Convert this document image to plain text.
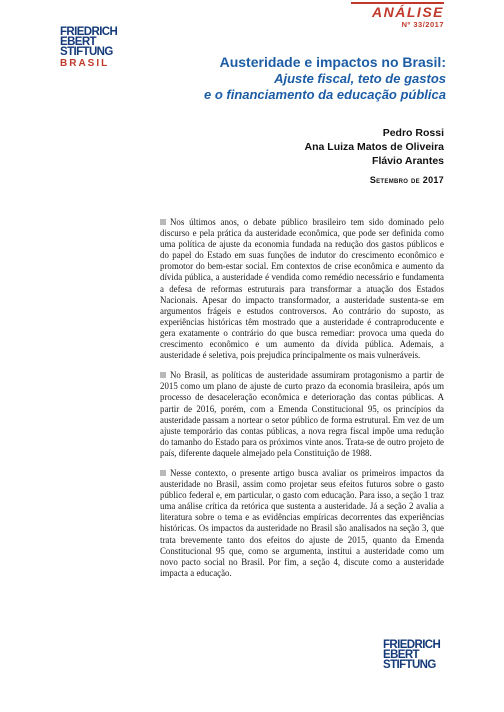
FRIEDRICH
EBERT
STIFTUNG
BRASIL
ANÁLISE
Nº 33/2017
Austeridade e impactos no Brasil:
Ajuste fiscal, teto de gastos
e o financiamento da educação pública
Pedro Rossi
Ana Luiza Matos de Oliveira
Flávio Arantes
Setembro de 2017

Nos últimos anos, o debate público brasileiro tem sido dominado pelo discurso e pela prática da austeridade econômica, que pode ser definida como uma política de ajuste da economia fundada na redução dos gastos públicos e do papel do Estado em suas funções de indutor do crescimento econômico e promotor do bem-estar social. Em contextos de crise econômica e aumento da dívida pública, a austeridade é vendida como remédio necessário e fundamenta a defesa de reformas estruturais para transformar a atuação dos Estados Nacionais. Apesar do impacto transformador, a austeridade sustenta-se em argumentos frágeis e estudos controversos. Ao contrário do suposto, as experiências históricas têm mostrado que a austeridade é contraproducente e gera exatamente o contrário do que busca remediar: provoca uma queda do crescimento econômico e um aumento da dívida pública. Ademais, a austeridade é seletiva, pois prejudica principalmente os mais vulneráveis.

No Brasil, as políticas de austeridade assumiram protagonismo a partir de 2015 como um plano de ajuste de curto prazo da economia brasileira, após um processo de desaceleração econômica e deterioração das contas públicas. A partir de 2016, porém, com a Emenda Constitucional 95, os princípios da austeridade passam a nortear o setor público de forma estrutural. Em vez de um ajuste temporário das contas públicas, a nova regra fiscal impõe uma redução do tamanho do Estado para os próximos vinte anos. Trata-se de outro projeto de país, diferente daquele almejado pela Constituição de 1988.

Nesse contexto, o presente artigo busca avaliar os primeiros impactos da austeridade no Brasil, assim como projetar seus efeitos futuros sobre o gasto público federal e, em particular, o gasto com educação. Para isso, a seção 1 traz uma análise crítica da retórica que sustenta a austeridade. Já a seção 2 avalia a literatura sobre o tema e as evidências empíricas decorrentes das experiências históricas. Os impactos da austeridade no Brasil são analisados na seção 3, que trata brevemente tanto dos efeitos do ajuste de 2015, quanto da Emenda Constitucional 95 que, como se argumenta, institui a austeridade como um novo pacto social no Brasil. Por fim, a seção 4, discute como a austeridade impacta a educação.

FRIEDRICH
EBERT
STIFTUNG
